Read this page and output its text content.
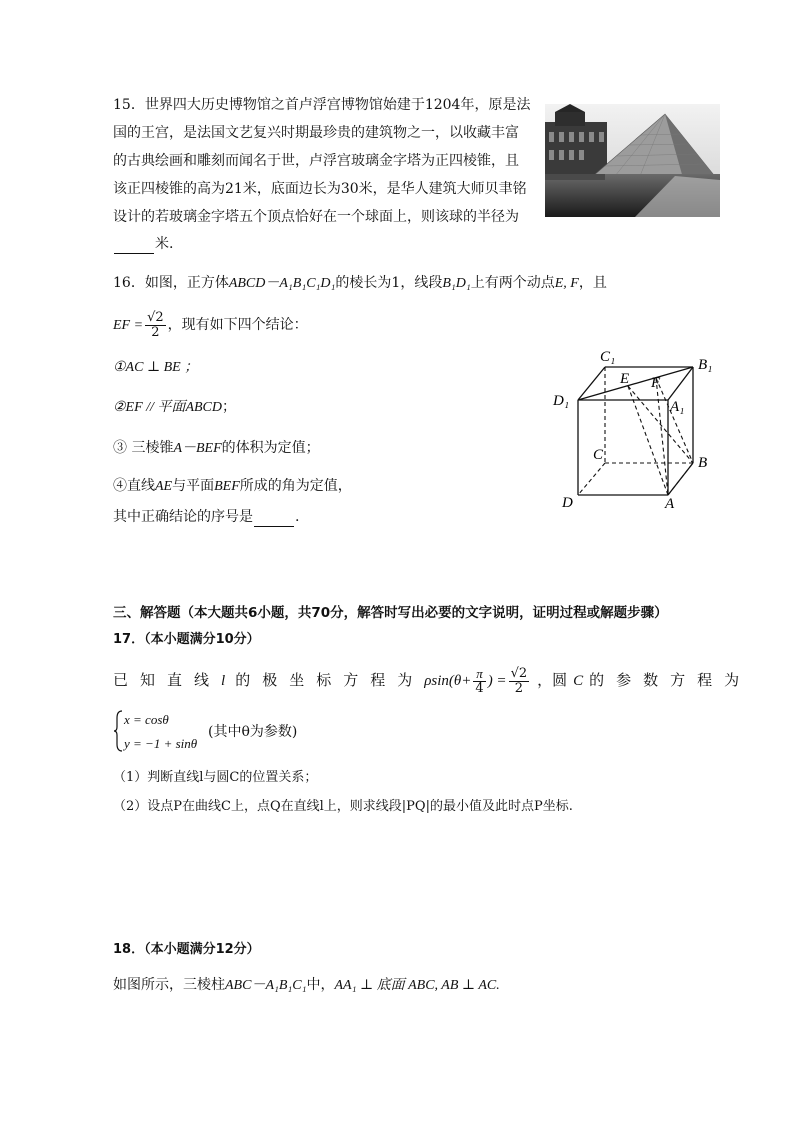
15．世界四大历史博物馆之首卢浮宫博物馆始建于1204年，原是法
国的王宫，是法国文艺复兴时期最珍贵的建筑物之一，以收藏丰富
的古典绘画和雕刻而闻名于世，卢浮宫玻璃金字塔为正四棱锥，且
该正四棱锥的高为21米，底面边长为30米，是华人建筑大师贝聿铭
设计的若玻璃金字塔五个顶点恰好在一个球面上，则该球的半径为
米.
16．如图，正方体ABCD－A₁B₁C₁D₁的棱长为1，线段B₁D₁上有两个动点E, F，且
EF = $\frac{√2}{2}$ ，现有如下四个结论：
①AC ⊥ BE ；
②EF // 平面ABCD；
③ 三棱锥A－BEF的体积为定值；
④直线AE与平面BEF所成的角为定值，
其中正确结论的序号是	.
C₁	B₁
D₁	A₁
E F
C	B
D	A
三、解答题（本大题共6小题，共70分，解答时写出必要的文字说明，证明过程或解题步骤）
17．（本小题满分10分）
已知直线l 的极坐标方程为$\rho\sin(\theta+ \frac{\pi}{4}$ ) = $\frac{√2}{2}$ ，圆 C 的参数方程为
x = cosθ
y = −1 + sinθ
(其中θ为参数)
（1）判断直线l与圆C的位置关系；
（2）设点P在曲线C上，点Q在直线l上，则求线段|PQ|的最小值及此时点P坐标.
18．（本小题满分12分）
如图所示，三棱柱ABC－A₁B₁C₁中，AA₁ ⊥ 底面 ABC, AB ⊥ AC.
